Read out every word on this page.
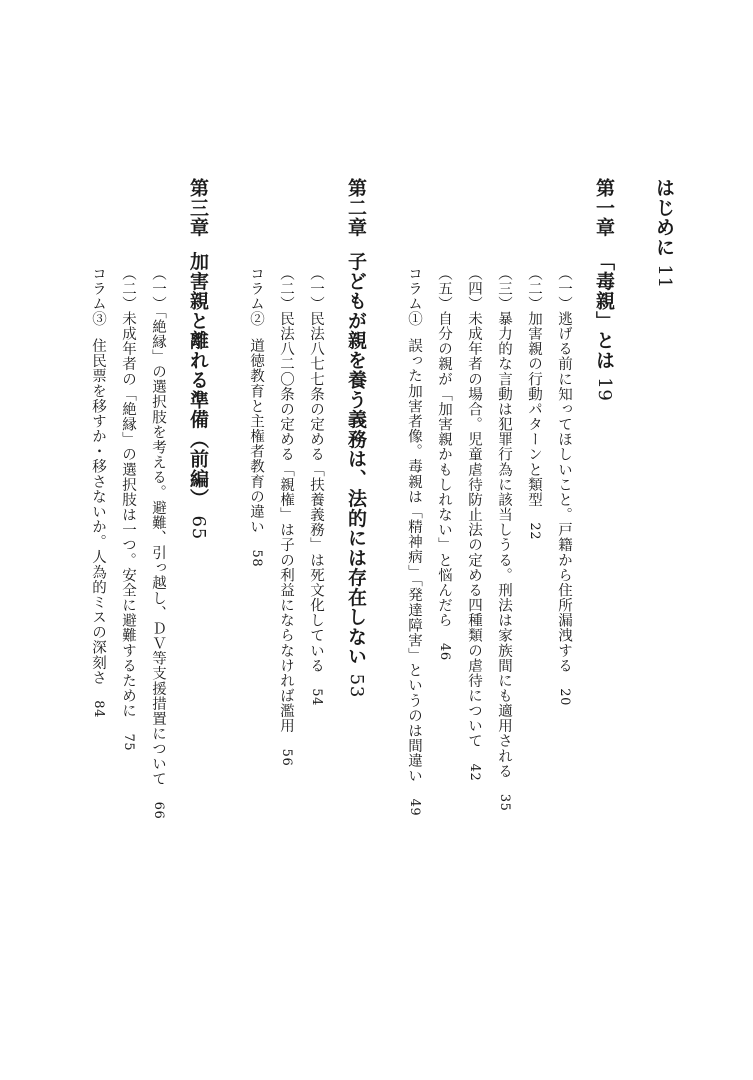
はじめに 11

第一章「毒親」とは 19

（一）逃げる前に知ってほしいこと。戸籍から住所漏洩する　20

（二）加害親の行動パターンと類型　22

（三）暴力的な言動は犯罪行為に該当しうる。刑法は家族間にも適用される　35

（四）未成年者の場合。児童虐待防止法の定める四種類の虐待について　42

（五）自分の親が「加害親かもしれない」と悩んだら　46

コラム①誤った加害者像。毒親は「精神病」「発達障害」というのは間違い　49

第二章子どもが親を養う義務は、法的には存在しない 53

（一）民法八七七条の定める「扶養義務」は死文化している　54

（二）民法八二〇条の定める「親権」は子の利益にならなければ濫用　56

コラム②道徳教育と主権者教育の違い　58

第三章加害親と離れる準備（前編） 65

（一）「絶縁」の選択肢を考える。避難、引っ越し、ＤＶ等支援措置について　66

（二）未成年者の「絶縁」の選択肢は一つ。安全に避難するために　75

コラム③住民票を移すか・移さないか。人為的ミスの深刻さ　84
